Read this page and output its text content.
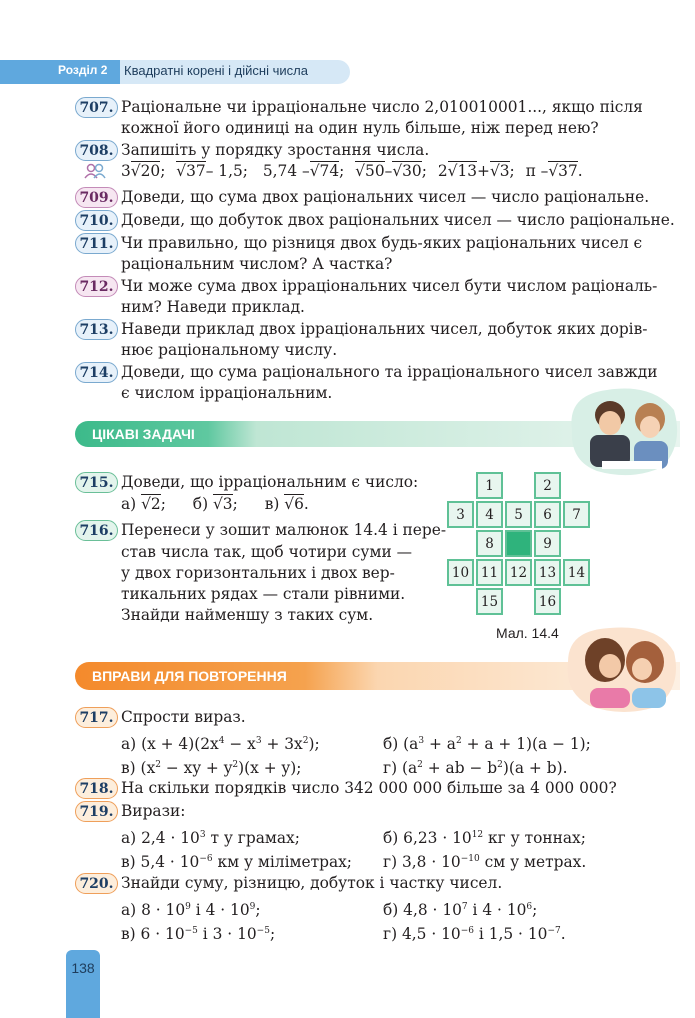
Розділ 2 Квадратні корені і дійсні числа
707. Раціональне чи ірраціональне число 2,010010001..., якщо після
кожної його одиниці на один нуль більше, ніж перед нею?
708. Запишіть у порядку зростання числа.
3√20; √37– 1,5; 5,74 –√74; √50–√30; 2√13+√3; π –√37.
709. Доведи, що сума двох раціональних чисел — число раціональне.
710. Доведи, що добуток двох раціональних чисел — число раціональне.
711. Чи правильно, що різниця двох будь-яких раціональних чисел є
раціональним числом? А частка?
712. Чи може сума двох ірраціональних чисел бути числом раціональ-
ним? Наведи приклад.
713. Наведи приклад двох ірраціональних чисел, добуток яких дорів-
нює раціональному числу.
714. Доведи, що сума раціонального та ірраціонального чисел завжди
є числом ірраціональним.
ЦІКАВІ ЗАДАЧІ
715. Доведи, що ірраціональним є число:
а) √2; б) √3; в) √6.
716. Перенеси у зошит малюнок 14.4 і пере-
став числа так, щоб чотири суми —
у двох горизонтальних і двох вер-
тикальних рядах — стали рівними.
Знайди найменшу з таких сум.
1	2
3	4	5	6	7
8	9
10 11 12 13 14
15	16
Мал. 14.4
ВПРАВИ ДЛЯ ПОВТОРЕННЯ
717. Спрости вираз.
а) $(x + 4)(2x^4 - x^3 + 3x^2)$;	б) $(a^3 + a^2 + a + 1)(a - 1)$;
в) ($x^2$ − xy + $y^2)(x + y)$;	г) ($a^2$ + ab − $b^2)(a + b)$.
718. На скільки порядків число 342 000 000 більше за 4 000 000?
719. Вирази:
а) $2,4 \cdot 10^3$ т у грамах;	б) $6,23 \cdot 10^{12}$ кг у тоннах;
в) $5,4 \cdot 10^{-6}$ км у міліметрах; г) $3,8 \cdot 10^{-10}$ см у метрах.
720. Знайди суму, різницю, добуток і частку чисел.
а) $8 \cdot 10^9$ і $4 \cdot 10^9$;	б) $4,8 \cdot 10^7$ і $4 \cdot 10^6$;
в) $6 \cdot 10^{-5}$ і $3 \cdot 10^{-5}$;	г) $4,5 \cdot 10^{-6}$ і $1,5 \cdot 10^{-7}$.
138
